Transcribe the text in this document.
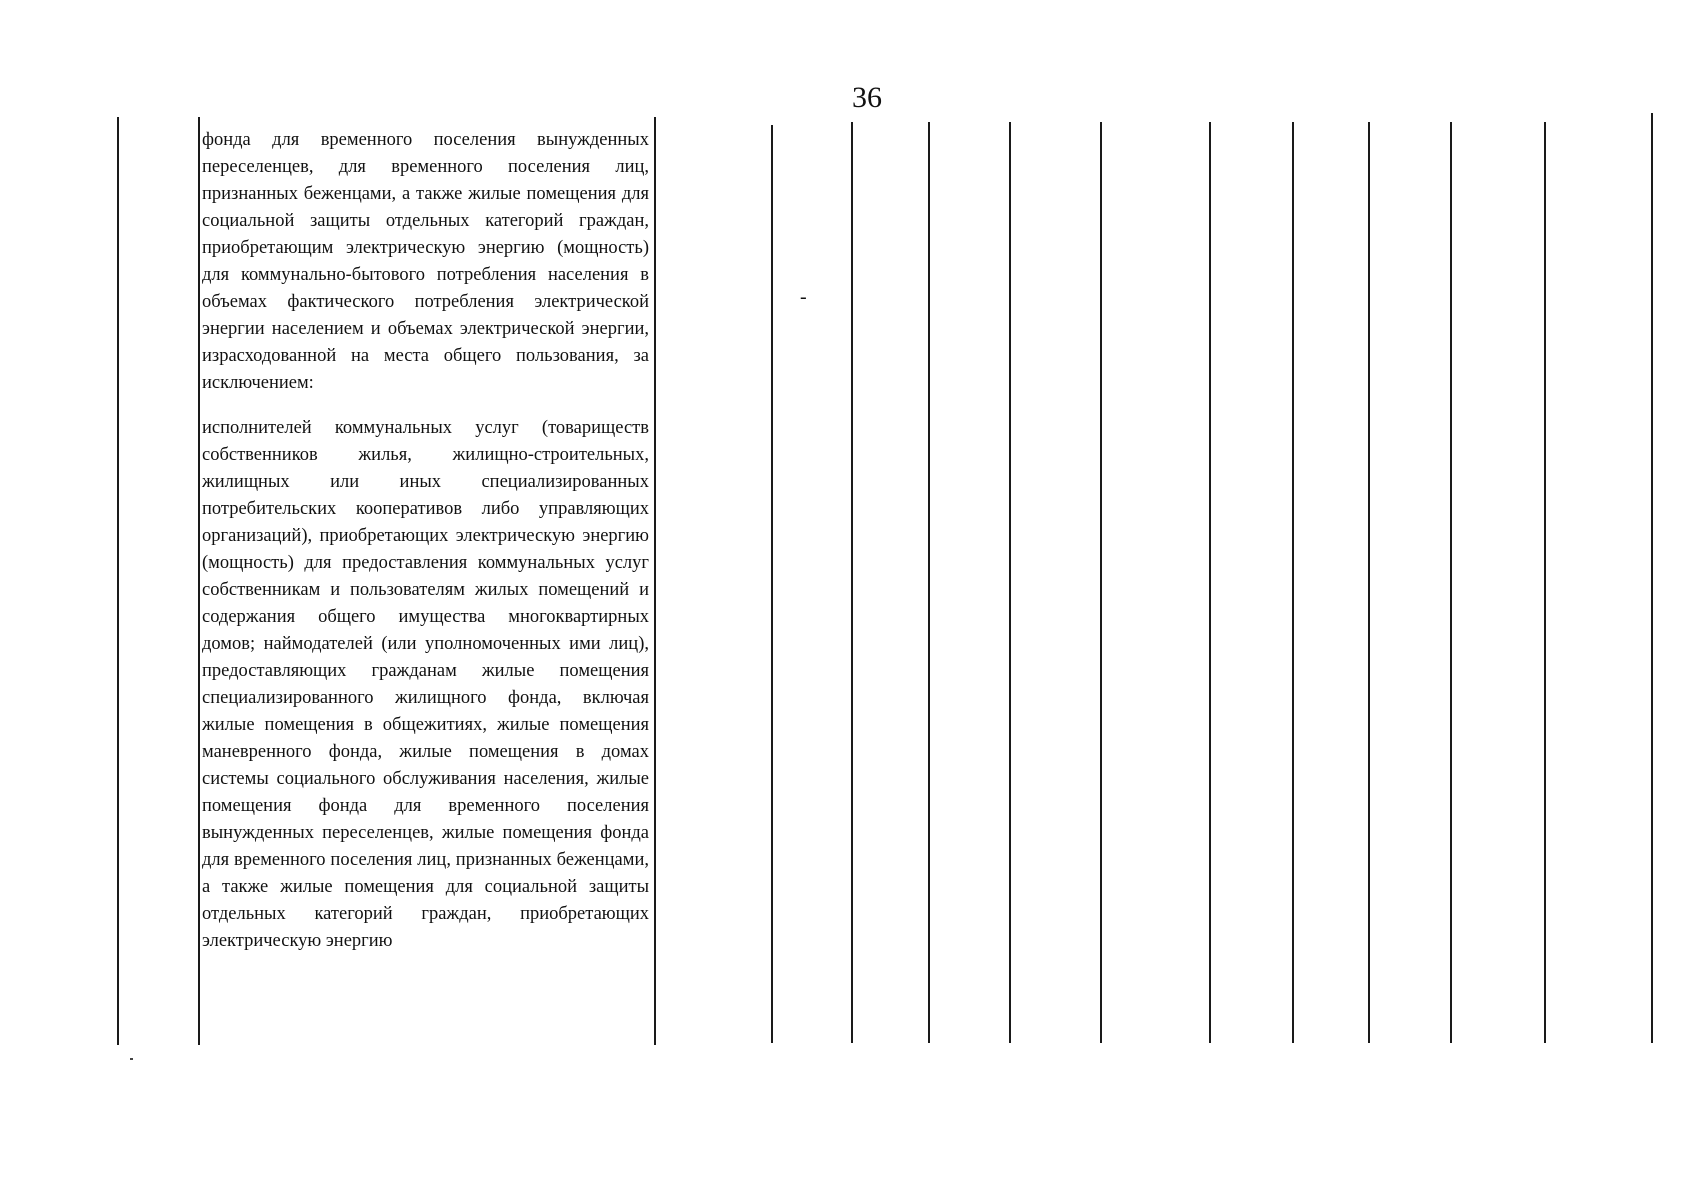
36

фонда для временного поселения вынужденных переселенцев, для временного поселения лиц, признанных беженцами, а также жилые помещения для социальной защиты отдельных категорий граждан, приобретающим электрическую энергию (мощность) для коммунально-бытового потребления населения в объемах фактического потребления электрической энергии населением и объемах электрической энергии, израсходованной на места общего пользования, за исключением:

исполнителей коммунальных услуг (товариществ собственников жилья, жилищно-строительных, жилищных или иных специализированных потребительских кооперативов либо управляющих организаций), приобретающих электрическую энергию (мощность) для предоставления коммунальных услуг собственникам и пользователям жилых помещений и содержания общего имущества многоквартирных домов; наймодателей (или уполномоченных ими лиц), предоставляющих гражданам жилые помещения специализированного жилищного фонда, включая жилые помещения в общежитиях, жилые помещения маневренного фонда, жилые помещения в домах системы социального обслуживания населения, жилые помещения фонда для временного поселения вынужденных переселенцев, жилые помещения фонда для временного поселения лиц, признанных беженцами, а также жилые помещения для социальной защиты отдельных категорий граждан, приобретающих электрическую энергию

-
